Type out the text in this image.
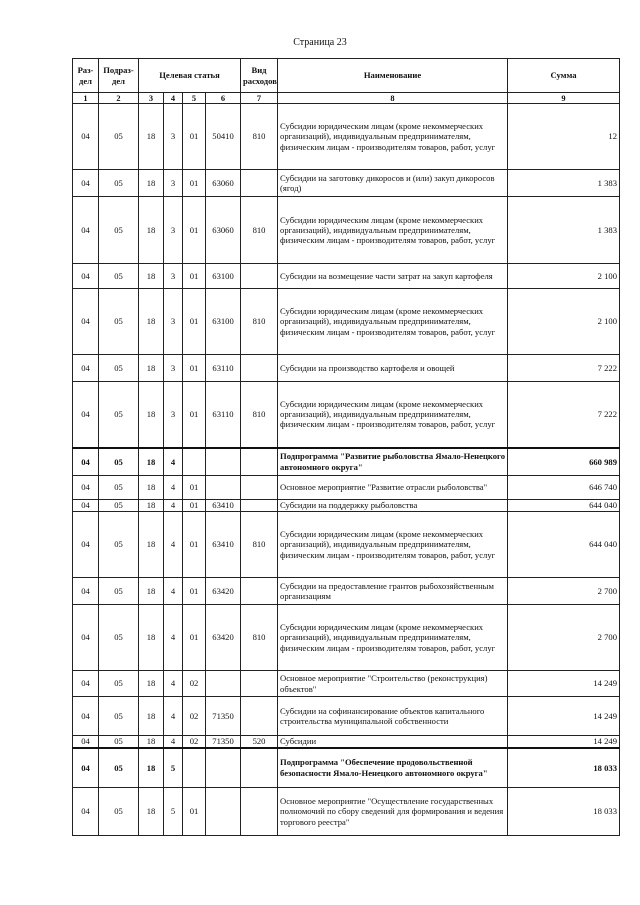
Страница 23
Раз-дел	Подраз-дел	Целевая статья				Вид расходов	Наименование	Сумма
1	2	3	4	5	6	7	8	9
04	05	18	3	01	50410	810	Субсидии юридическим лицам (кроме некоммерческих организаций), индивидуальным предпринимателям, физическим лицам - производителям товаров, работ, услуг	12
04	05	18	3	01	63060		Субсидии на заготовку дикоросов и (или) закуп дикоросов (ягод)	1 383
04	05	18	3	01	63060	810	Субсидии юридическим лицам (кроме некоммерческих организаций), индивидуальным предпринимателям, физическим лицам - производителям товаров, работ, услуг	1 383
04	05	18	3	01	63100		Субсидии на возмещение части затрат на закуп картофеля	2 100
04	05	18	3	01	63100	810	Субсидии юридическим лицам (кроме некоммерческих организаций), индивидуальным предпринимателям, физическим лицам - производителям товаров, работ, услуг	2 100
04	05	18	3	01	63110		Субсидии на производство картофеля и овощей	7 222
04	05	18	3	01	63110	810	Субсидии юридическим лицам (кроме некоммерческих организаций), индивидуальным предпринимателям, физическим лицам - производителям товаров, работ, услуг	7 222
04	05	18	4				Подпрограмма "Развитие рыболовства Ямало-Ненецкого автономного округа"	660 989
04	05	18	4	01			Основное мероприятие "Развитие отрасли рыболовства"	646 740
04	05	18	4	01	63410		Субсидии на поддержку рыболовства	644 040
04	05	18	4	01	63410	810	Субсидии юридическим лицам (кроме некоммерческих организаций), индивидуальным предпринимателям, физическим лицам - производителям товаров, работ, услуг	644 040
04	05	18	4	01	63420		Субсидии на предоставление грантов рыбохозяйственным организациям	2 700
04	05	18	4	01	63420	810	Субсидии юридическим лицам (кроме некоммерческих организаций), индивидуальным предпринимателям, физическим лицам - производителям товаров, работ, услуг	2 700
04	05	18	4	02			Основное мероприятие "Строительство (реконструкция) объектов"	14 249
04	05	18	4	02	71350		Субсидии на софинансирование объектов капитального строительства муниципальной собственности	14 249
04	05	18	4	02	71350	520	Субсидии	14 249
04	05	18	5				Подпрограмма "Обеспечение продовольственной безопасности Ямало-Ненецкого автономного округа"	18 033
04	05	18	5	01			Основное мероприятие "Осуществление государственных полномочий по сбору сведений для формирования и ведения торгового реестра"	18 033
